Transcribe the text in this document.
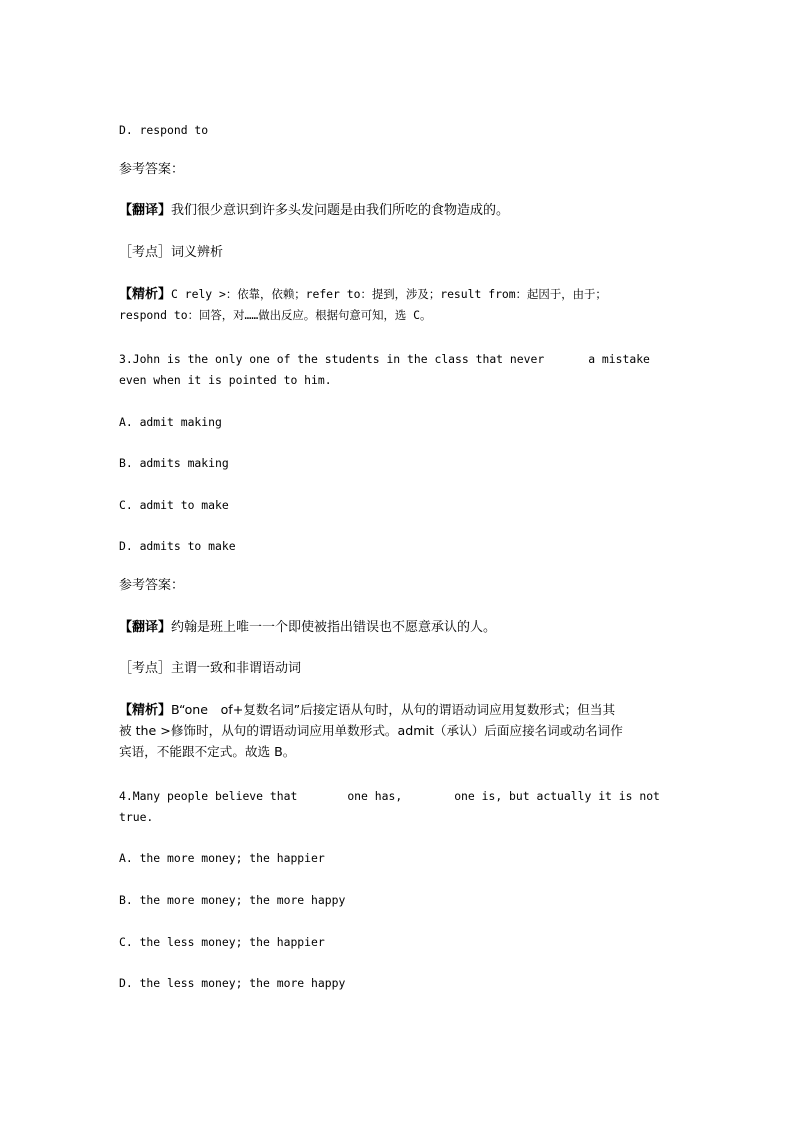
D. respond to
参考答案：
【翻译】我们很少意识到许多头发问题是由我们所吃的食物造成的。
［考点］词义辨析
【精析】C rely >：依靠，依赖；refer to：提到，涉及；result from：起因于，由于；
respond to：回答，对……做出反应。根据句意可知，选 C。
3.John is the only one of the students in the class that never	a mistake
even when it is pointed to him.
A. admit making
B. admits making
C. admit to make
D. admits to make
参考答案：
【翻译】约翰是班上唯一一个即使被指出错误也不愿意承认的人。
［考点］主谓一致和非谓语动词
【精析】B“one　of+复数名词”后接定语从句时，从句的谓语动词应用复数形式；但当其
被 the >修饰时，从句的谓语动词应用单数形式。admit（承认）后面应接名词或动名词作
宾语，不能跟不定式。故选 B。
4.Many people believe that	one has,	one is, but actually it is not
true.
A. the more money; the happier
B. the more money; the more happy
C. the less money; the happier
D. the less money; the more happy
